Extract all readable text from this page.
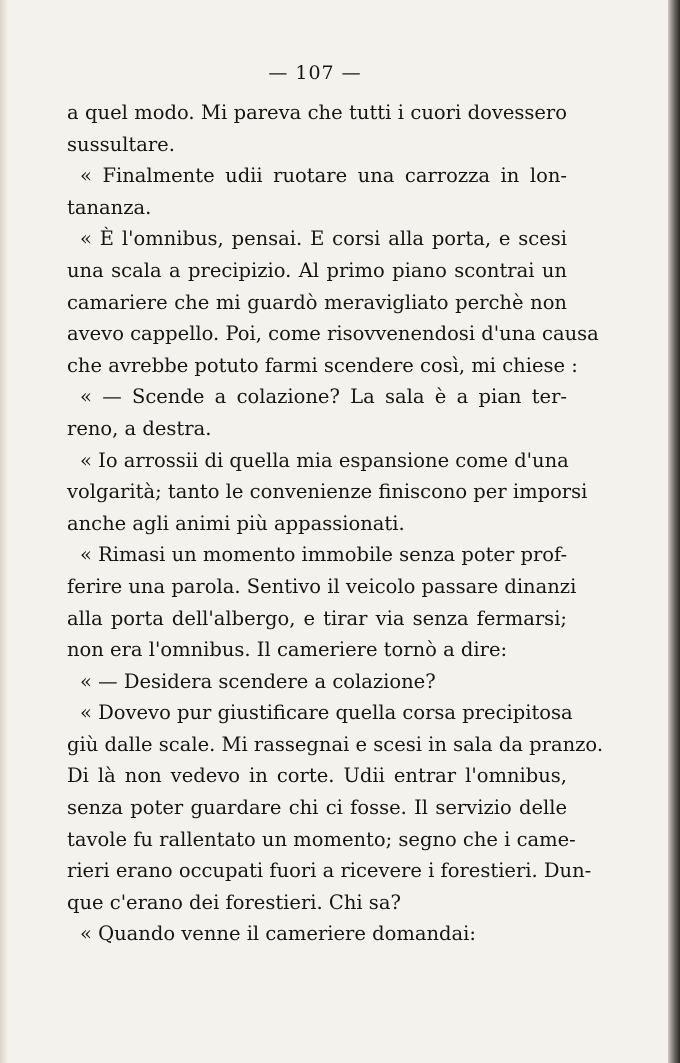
— 107 —
a quel modo. Mi pareva che tutti i cuori dovessero
sussultare.
« Finalmente udii ruotare una carrozza in lon-
tananza.
« È l'omnibus, pensai. E corsi alla porta, e scesi
una scala a precipizio. Al primo piano scontrai un
camariere che mi guardò meravigliato perchè non
avevo cappello. Poi, come risovvenendosi d'una causa
che avrebbe potuto farmi scendere così, mi chiese :
« — Scende a colazione? La sala è a pian ter-
reno, a destra.
« Io arrossii di quella mia espansione come d'una
volgarità; tanto le convenienze finiscono per imporsi
anche agli animi più appassionati.
« Rimasi un momento immobile senza poter prof-
ferire una parola. Sentivo il veicolo passare dinanzi
alla porta dell'albergo, e tirar via senza fermarsi;
non era l'omnibus. Il cameriere tornò a dire:
« — Desidera scendere a colazione?
« Dovevo pur giustificare quella corsa precipitosa
giù dalle scale. Mi rassegnai e scesi in sala da pranzo.
Di là non vedevo in corte. Udii entrar l'omnibus,
senza poter guardare chi ci fosse. Il servizio delle
tavole fu rallentato un momento; segno che i came-
rieri erano occupati fuori a ricevere i forestieri. Dun-
que c'erano dei forestieri. Chi sa?
« Quando venne il cameriere domandai:
